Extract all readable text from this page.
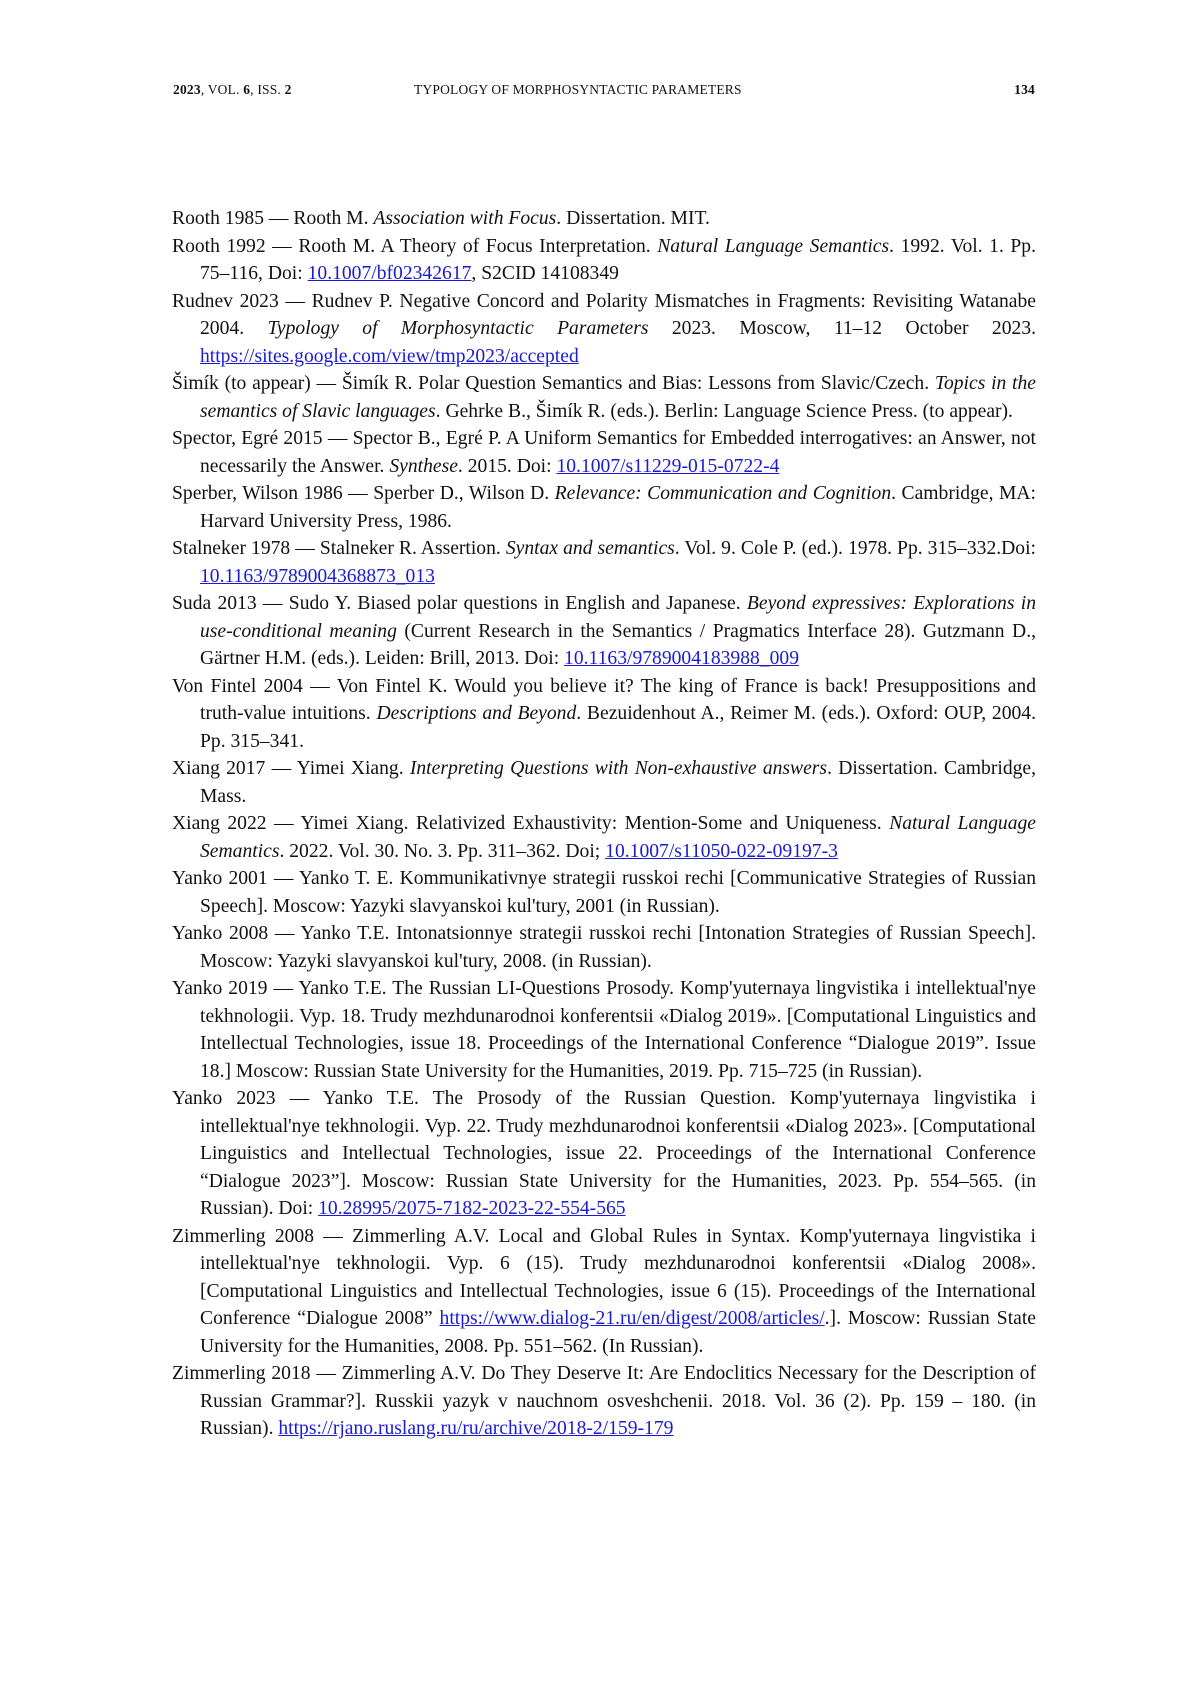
2023, VOL. 6, ISS. 2	TYPOLOGY OF MORPHOSYNTACTIC PARAMETERS	134

Rooth 1985 — Rooth M. Association with Focus. Dissertation. MIT.

Rooth 1992 — Rooth M. A Theory of Focus Interpretation. Natural Language Semantics. 1992. Vol. 1. Pp. 75–116, Doi: 10.1007/bf02342617, S2CID 14108349

Rudnev 2023 — Rudnev P. Negative Concord and Polarity Mismatches in Fragments: Revisiting Watanabe 2004. Typology of Morphosyntactic Parameters 2023. Moscow, 11–12 October 2023. https://sites.google.com/view/tmp2023/accepted

Šimík (to appear) — Šimík R. Polar Question Semantics and Bias: Lessons from Slavic/Czech. Topics in the semantics of Slavic languages. Gehrke B., Šimík R. (eds.). Berlin: Language Science Press. (to appear).

Spector, Egré 2015 — Spector B., Egré P. A Uniform Semantics for Embedded interrogatives: an Answer, not necessarily the Answer. Synthese. 2015. Doi: 10.1007/s11229-015-0722-4

Sperber, Wilson 1986 — Sperber D., Wilson D. Relevance: Communication and Cognition. Cambridge, MA: Harvard University Press, 1986.

Stalneker 1978 — Stalneker R. Assertion. Syntax and semantics. Vol. 9. Cole P. (ed.). 1978. Pp. 315–332.Doi: 10.1163/9789004368873_013

Suda 2013 — Sudo Y. Biased polar questions in English and Japanese. Beyond expressives: Explorations in use-conditional meaning (Current Research in the Semantics / Pragmatics Interface 28). Gutzmann D., Gärtner H.M. (eds.). Leiden: Brill, 2013. Doi: 10.1163/9789004183988_009

Von Fintel 2004 — Von Fintel K. Would you believe it? The king of France is back! Presuppositions and truth-value intuitions. Descriptions and Beyond. Bezuidenhout A., Reimer M. (eds.). Oxford: OUP, 2004. Pp. 315–341.

Xiang 2017 — Yimei Xiang. Interpreting Questions with Non-exhaustive answers. Dissertation. Cambridge, Mass.

Xiang 2022 — Yimei Xiang. Relativized Exhaustivity: Mention-Some and Uniqueness. Natural Language Semantics. 2022. Vol. 30. No. 3. Pp. 311–362. Doi; 10.1007/s11050-022-09197-3

Yanko 2001 — Yanko T. E. Kommunikativnye strategii russkoi rechi [Communicative Strategies of Russian Speech]. Moscow: Yazyki slavyanskoi kul'tury, 2001 (in Russian).

Yanko 2008 — Yanko T.E. Intonatsionnye strategii russkoi rechi [Intonation Strategies of Russian Speech]. Moscow: Yazyki slavyanskoi kul'tury, 2008. (in Russian).

Yanko 2019 — Yanko T.E. The Russian LI-Questions Prosody. Komp'yuternaya lingvistika i intellektual'nye tekhnologii. Vyp. 18. Trudy mezhdunarodnoi konferentsii «Dialog 2019». [Computational Linguistics and Intellectual Technologies, issue 18. Proceedings of the International Conference “Dialogue 2019”. Issue 18.] Moscow: Russian State University for the Humanities, 2019. Pp. 715–725 (in Russian).

Yanko 2023 — Yanko T.E. The Prosody of the Russian Question. Komp'yuternaya lingvistika i intellektual'nye tekhnologii. Vyp. 22. Trudy mezhdunarodnoi konferentsii «Dialog 2023». [Computational Linguistics and Intellectual Technologies, issue 22. Proceedings of the International Conference “Dialogue 2023”]. Moscow: Russian State University for the Humanities, 2023. Pp. 554–565. (in Russian). Doi: 10.28995/2075-7182-2023-22-554-565

Zimmerling 2008 — Zimmerling A.V. Local and Global Rules in Syntax. Komp'yuternaya lingvistika i intellektual'nye tekhnologii. Vyp. 6 (15). Trudy mezhdunarodnoi konferentsii «Dialog 2008». [Computational Linguistics and Intellectual Technologies, issue 6 (15). Proceedings of the International Conference “Dialogue 2008” https://www.dialog-21.ru/en/digest/2008/articles/.]. Moscow: Russian State University for the Humanities, 2008. Pp. 551–562. (In Russian).

Zimmerling 2018 — Zimmerling A.V. Do They Deserve It: Are Endoclitics Necessary for the Description of Russian Grammar?]. Russkii yazyk v nauchnom osveshchenii. 2018. Vol. 36 (2). Pp. 159 – 180. (in Russian). https://rjano.ruslang.ru/ru/archive/2018-2/159-179
